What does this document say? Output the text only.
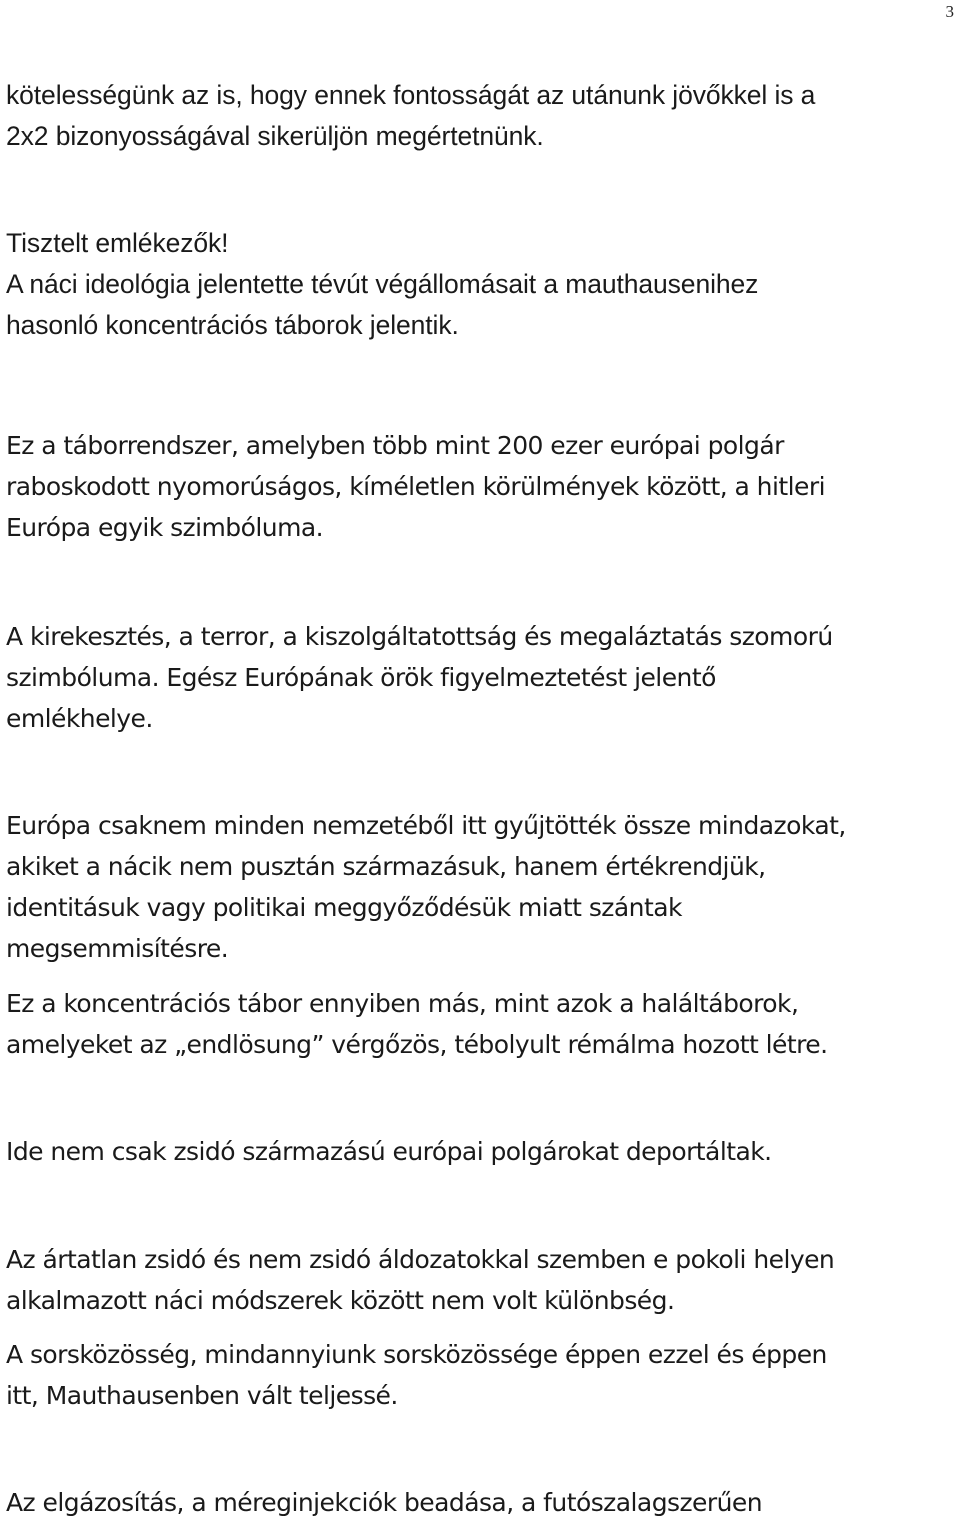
3
kötelességünk az is, hogy ennek fontosságát az utánunk jövőkkel is a
2x2 bizonyosságával sikerüljön megértetnünk.
Tisztelt emlékezők!
A náci ideológia jelentette tévút végállomásait a mauthausenihez
hasonló koncentrációs táborok jelentik.
Ez a táborrendszer, amelyben több mint 200 ezer európai polgár
raboskodott nyomorúságos, kíméletlen körülmények között, a hitleri
Európa egyik szimbóluma.
A kirekesztés, a terror, a kiszolgáltatottság és megaláztatás szomorú
szimbóluma. Egész Európának örök figyelmeztetést jelentő
emlékhelye.
Európa csaknem minden nemzetéből itt gyűjtötték össze mindazokat,
akiket a nácik nem pusztán származásuk, hanem értékrendjük,
identitásuk vagy politikai meggyőződésük miatt szántak
megsemmisítésre.
Ez a koncentrációs tábor ennyiben más, mint azok a haláltáborok,
amelyeket az „endlösung” vérgőzös, tébolyult rémálma hozott létre.
Ide nem csak zsidó származású európai polgárokat deportáltak.
Az ártatlan zsidó és nem zsidó áldozatokkal szemben e pokoli helyen
alkalmazott náci módszerek között nem volt különbség.
A sorsközösség, mindannyiunk sorsközössége éppen ezzel és éppen
itt, Mauthausenben vált teljessé.
Az elgázosítás, a méreginjekciók beadása, a futószalagszerűen
